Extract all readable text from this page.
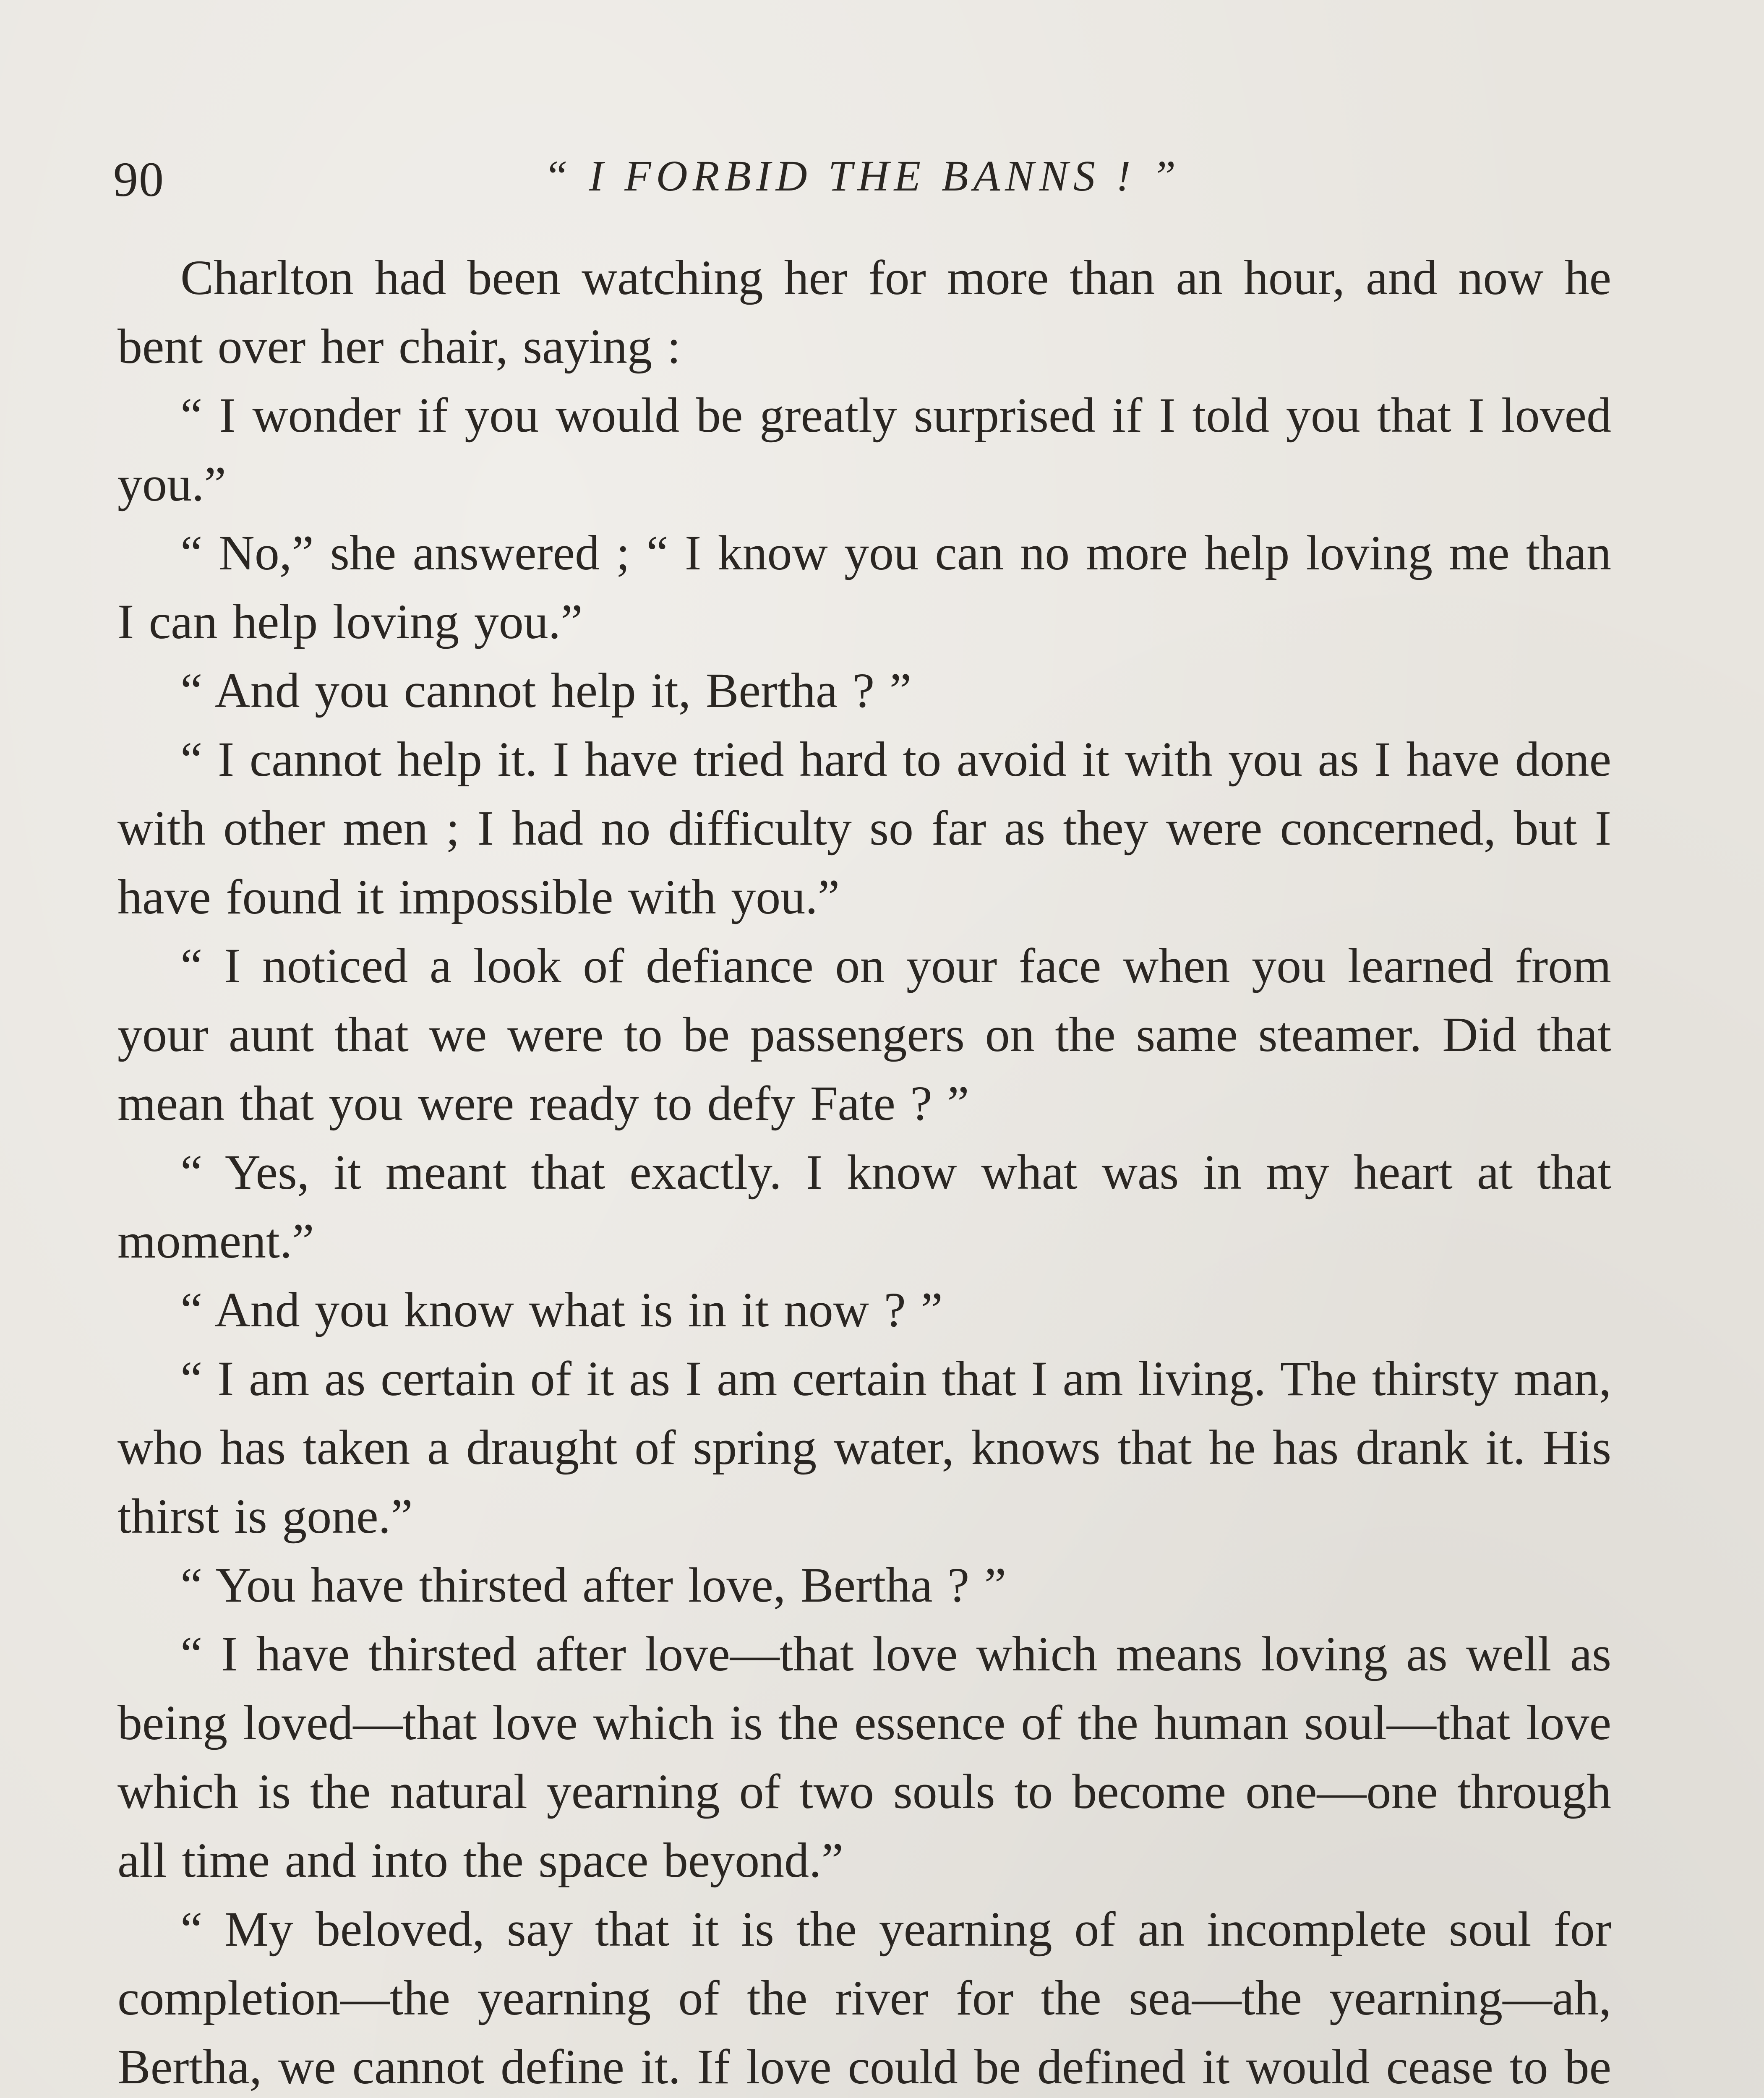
90	“ I FORBID THE BANNS ! ”

Charlton had been watching her for more than an hour, and now he bent over her chair, saying :

“ I wonder if you would be greatly surprised if I told you that I loved you.”

“ No,” she answered ; “ I know you can no more help loving me than I can help loving you.”

“ And you cannot help it, Bertha ? ”

“ I cannot help it. I have tried hard to avoid it with you as I have done with other men ; I had no difficulty so far as they were concerned, but I have found it impossible with you.”

“ I noticed a look of defiance on your face when you learned from your aunt that we were to be passengers on the same steamer. Did that mean that you were ready to defy Fate ? ”

“ Yes, it meant that exactly. I know what was in my heart at that moment.”

“ And you know what is in it now ? ”

“ I am as certain of it as I am certain that I am living. The thirsty man, who has taken a draught of spring water, knows that he has drank it. His thirst is gone.”

“ You have thirsted after love, Bertha ? ”

“ I have thirsted after love—that love which means loving as well as being loved—that love which is the essence of the human soul—that love which is the natural yearning of two souls to become one—one through all time and into the space beyond.”

“ My beloved, say that it is the yearning of an incomplete soul for completion—the yearning of the river for the sea—the yearning—ah, Bertha, we cannot define it. If love could be defined it would cease to be
